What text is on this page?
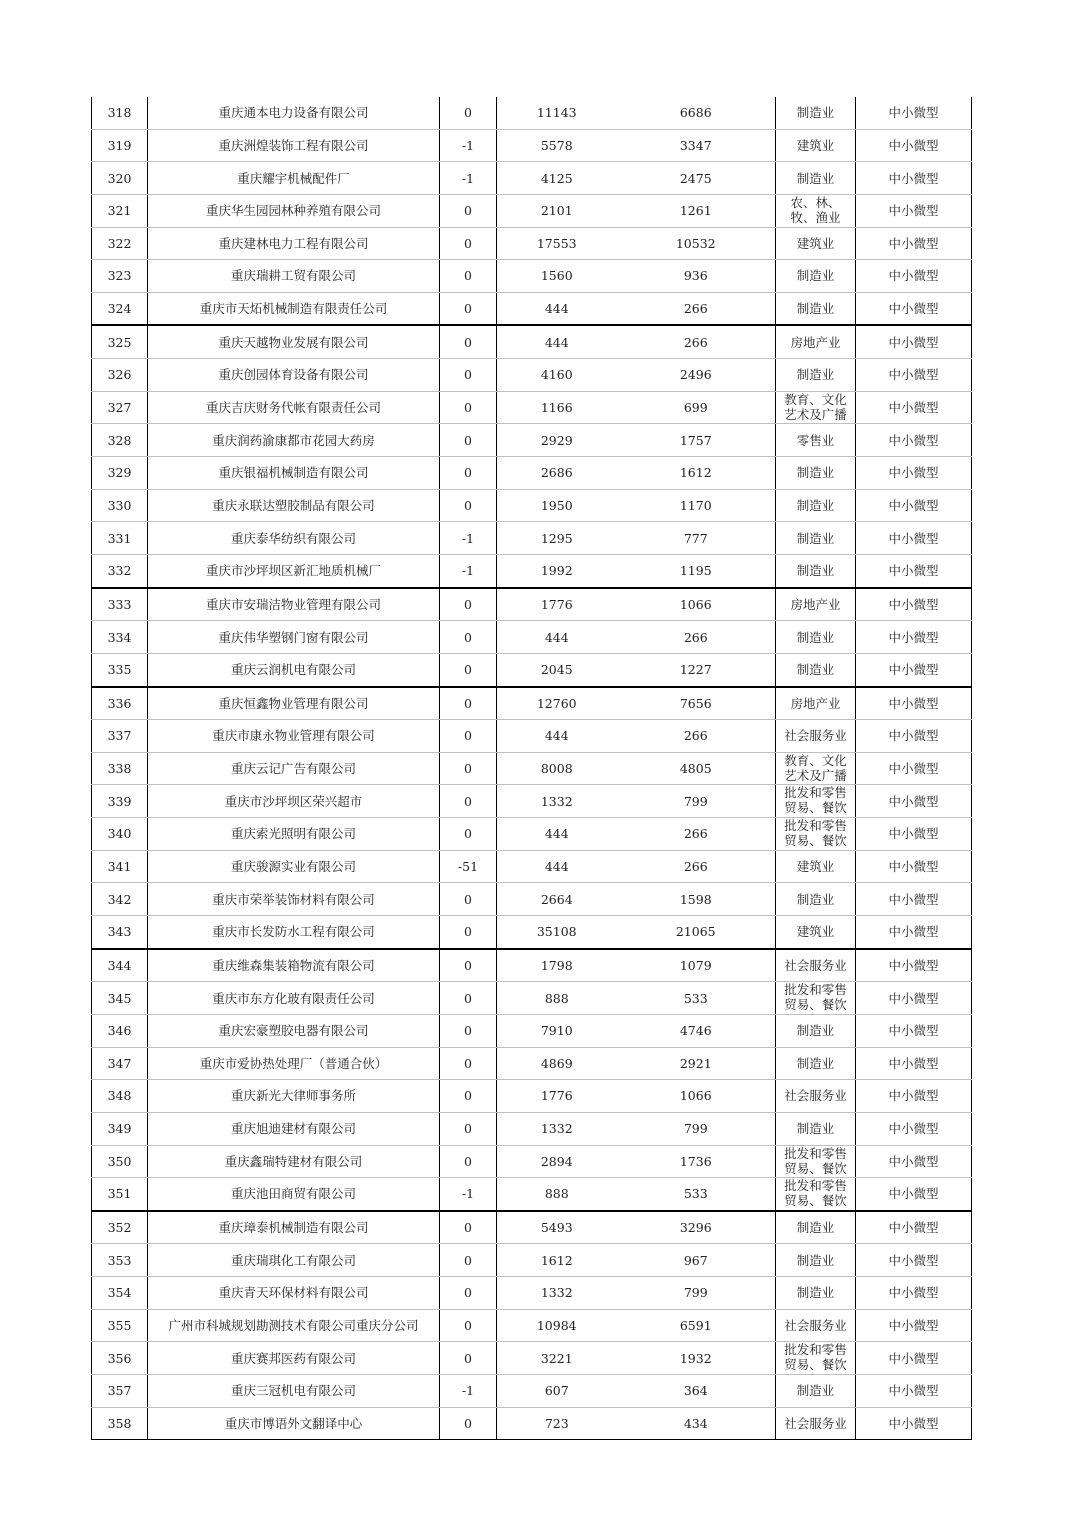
318	重庆通本电力设备有限公司	0	11143	6686	制造业	中小微型
319	重庆洲煌装饰工程有限公司	-1	5578	3347	建筑业	中小微型
320	重庆耀宇机械配件厂	-1	4125	2475	制造业	中小微型
321	重庆华生园园林种养殖有限公司	0	2101	1261	农、林、牧、渔业	中小微型
322	重庆建林电力工程有限公司	0	17553	10532	建筑业	中小微型
323	重庆瑞耕工贸有限公司	0	1560	936	制造业	中小微型
324	重庆市天炻机械制造有限责任公司	0	444	266	制造业	中小微型
325	重庆天越物业发展有限公司	0	444	266	房地产业	中小微型
326	重庆创园体育设备有限公司	0	4160	2496	制造业	中小微型
327	重庆吉庆财务代帐有限责任公司	0	1166	699	教育、文化艺术及广播	中小微型
328	重庆润药渝康都市花园大药房	0	2929	1757	零售业	中小微型
329	重庆银福机械制造有限公司	0	2686	1612	制造业	中小微型
330	重庆永联达塑胶制品有限公司	0	1950	1170	制造业	中小微型
331	重庆泰华纺织有限公司	-1	1295	777	制造业	中小微型
332	重庆市沙坪坝区新汇地质机械厂	-1	1992	1195	制造业	中小微型
333	重庆市安瑞洁物业管理有限公司	0	1776	1066	房地产业	中小微型
334	重庆伟华塑钢门窗有限公司	0	444	266	制造业	中小微型
335	重庆云润机电有限公司	0	2045	1227	制造业	中小微型
336	重庆恒鑫物业管理有限公司	0	12760	7656	房地产业	中小微型
337	重庆市康永物业管理有限公司	0	444	266	社会服务业	中小微型
338	重庆云记广告有限公司	0	8008	4805	教育、文化艺术及广播	中小微型
339	重庆市沙坪坝区荣兴超市	0	1332	799	批发和零售贸易、餐饮	中小微型
340	重庆索光照明有限公司	0	444	266	批发和零售贸易、餐饮	中小微型
341	重庆骏源实业有限公司	-51	444	266	建筑业	中小微型
342	重庆市荣举装饰材料有限公司	0	2664	1598	制造业	中小微型
343	重庆市长发防水工程有限公司	0	35108	21065	建筑业	中小微型
344	重庆维森集装箱物流有限公司	0	1798	1079	社会服务业	中小微型
345	重庆市东方化玻有限责任公司	0	888	533	批发和零售贸易、餐饮	中小微型
346	重庆宏豪塑胶电器有限公司	0	7910	4746	制造业	中小微型
347	重庆市爱协热处理厂（普通合伙）	0	4869	2921	制造业	中小微型
348	重庆新光大律师事务所	0	1776	1066	社会服务业	中小微型
349	重庆旭迪建材有限公司	0	1332	799	制造业	中小微型
350	重庆鑫瑞特建材有限公司	0	2894	1736	批发和零售贸易、餐饮	中小微型
351	重庆池田商贸有限公司	-1	888	533	批发和零售贸易、餐饮	中小微型
352	重庆璋泰机械制造有限公司	0	5493	3296	制造业	中小微型
353	重庆瑞琪化工有限公司	0	1612	967	制造业	中小微型
354	重庆青天环保材料有限公司	0	1332	799	制造业	中小微型
355	广州市科城规划勘测技术有限公司重庆分公司	0	10984	6591	社会服务业	中小微型
356	重庆赛邦医药有限公司	0	3221	1932	批发和零售贸易、餐饮	中小微型
357	重庆三冠机电有限公司	-1	607	364	制造业	中小微型
358	重庆市博语外文翻译中心	0	723	434	社会服务业	中小微型
